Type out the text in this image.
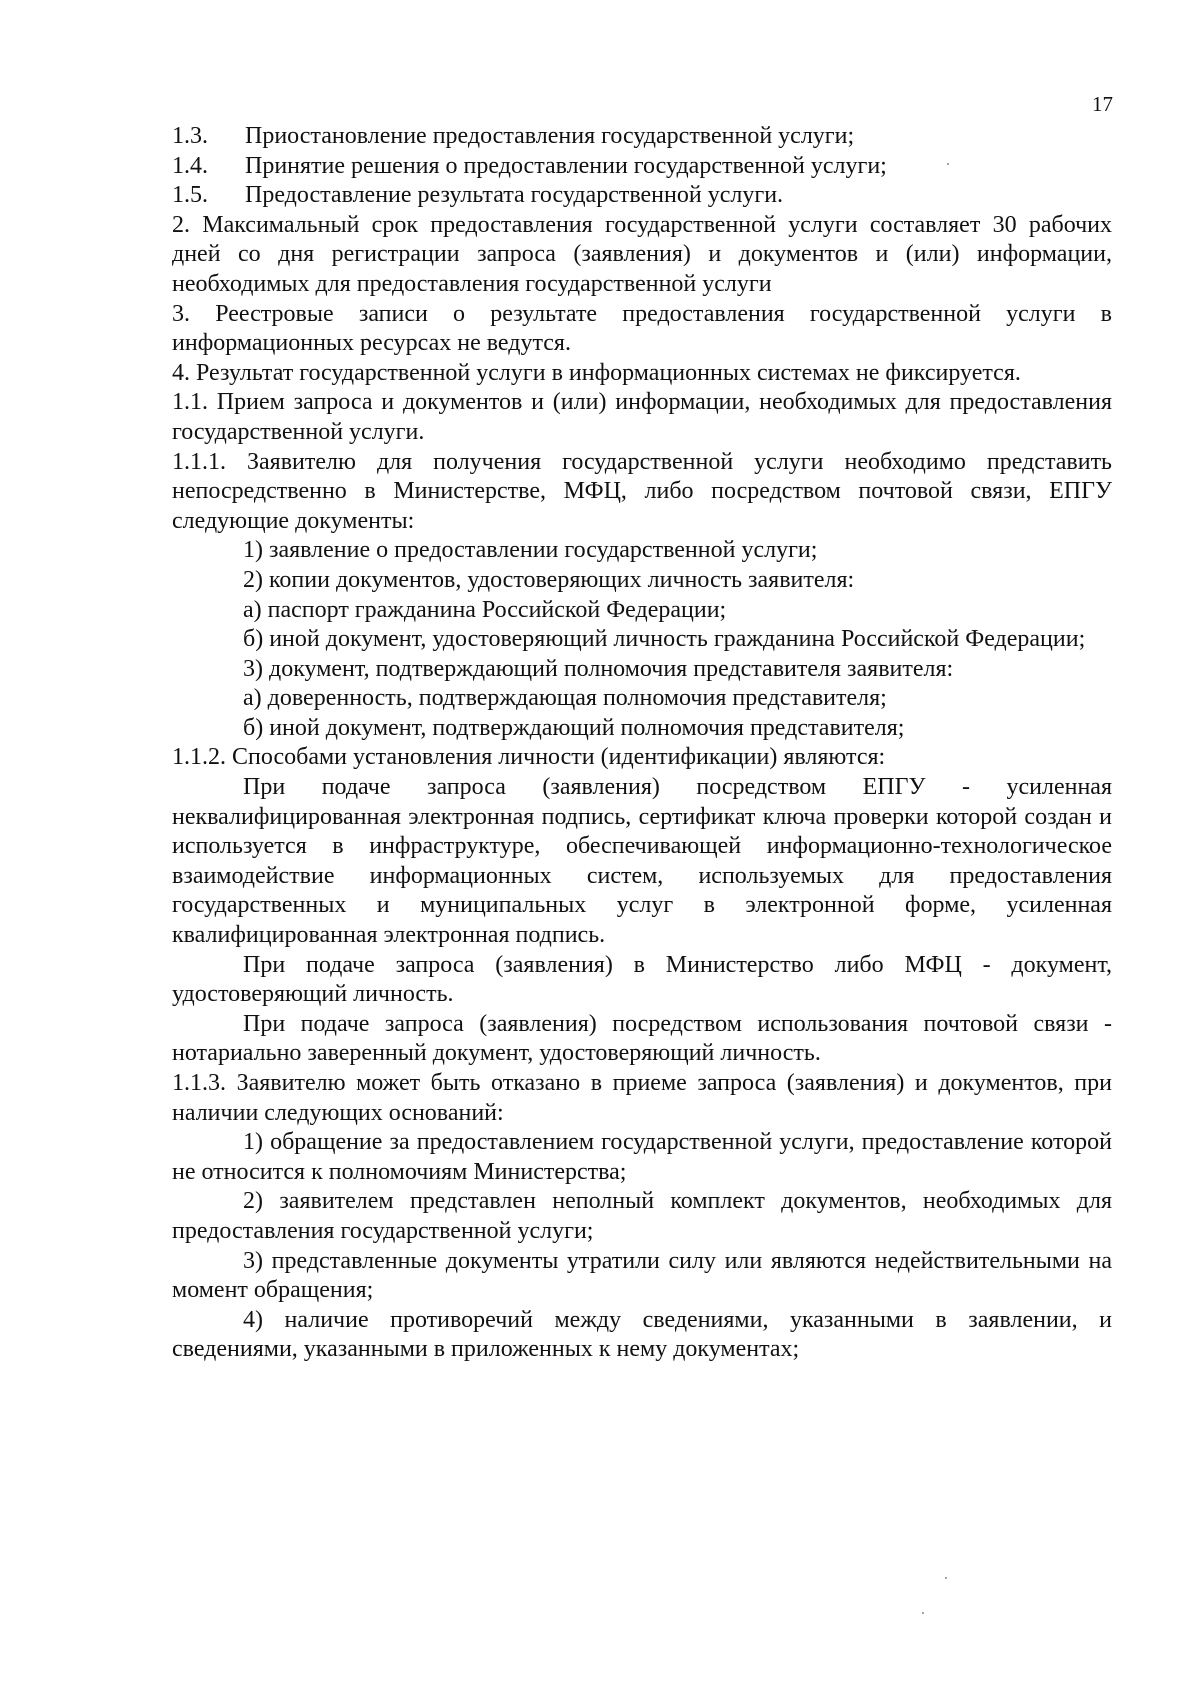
17
1.3.	Приостановление предоставления государственной услуги;
1.4.	Принятие решения о предоставлении государственной услуги;
1.5.	Предоставление результата государственной услуги.

2. Максимальный срок предоставления государственной услуги составляет 30 рабочих дней со дня регистрации запроса (заявления) и документов и (или) информации, необходимых для предоставления государственной услуги

3. Реестровые записи о результате предоставления государственной услуги в информационных ресурсах не ведутся.

4. Результат государственной услуги в информационных системах не фиксируется.

1.1. Прием запроса и документов и (или) информации, необходимых для предоставления государственной услуги.

1.1.1. Заявителю для получения государственной услуги необходимо представить непосредственно в Министерстве, МФЦ, либо посредством почтовой связи, ЕПГУ следующие документы:

1) заявление о предоставлении государственной услуги;

2) копии документов, удостоверяющих личность заявителя:

а) паспорт гражданина Российской Федерации;

б) иной документ, удостоверяющий личность гражданина Российской Федерации;

3) документ, подтверждающий полномочия представителя заявителя:

а) доверенность, подтверждающая полномочия представителя;

б) иной документ, подтверждающий полномочия представителя;

1.1.2. Способами установления личности (идентификации) являются:

При подаче запроса (заявления) посредством ЕПГУ - усиленная неквалифицированная электронная подпись, сертификат ключа проверки которой создан и используется в инфраструктуре, обеспечивающей информационно-технологическое взаимодействие информационных систем, используемых для предоставления государственных и муниципальных услуг в электронной форме, усиленная квалифицированная электронная подпись.

При подаче запроса (заявления) в Министерство либо МФЦ - документ, удостоверяющий личность.

При подаче запроса (заявления) посредством использования почтовой связи - нотариально заверенный документ, удостоверяющий личность.

1.1.3. Заявителю может быть отказано в приеме запроса (заявления) и документов, при наличии следующих оснований:

1) обращение за предоставлением государственной услуги, предоставление которой не относится к полномочиям Министерства;

2) заявителем представлен неполный комплект документов, необходимых для предоставления государственной услуги;

3) представленные документы утратили силу или являются недействительными на момент обращения;

4) наличие противоречий между сведениями, указанными в заявлении, и сведениями, указанными в приложенных к нему документах;
